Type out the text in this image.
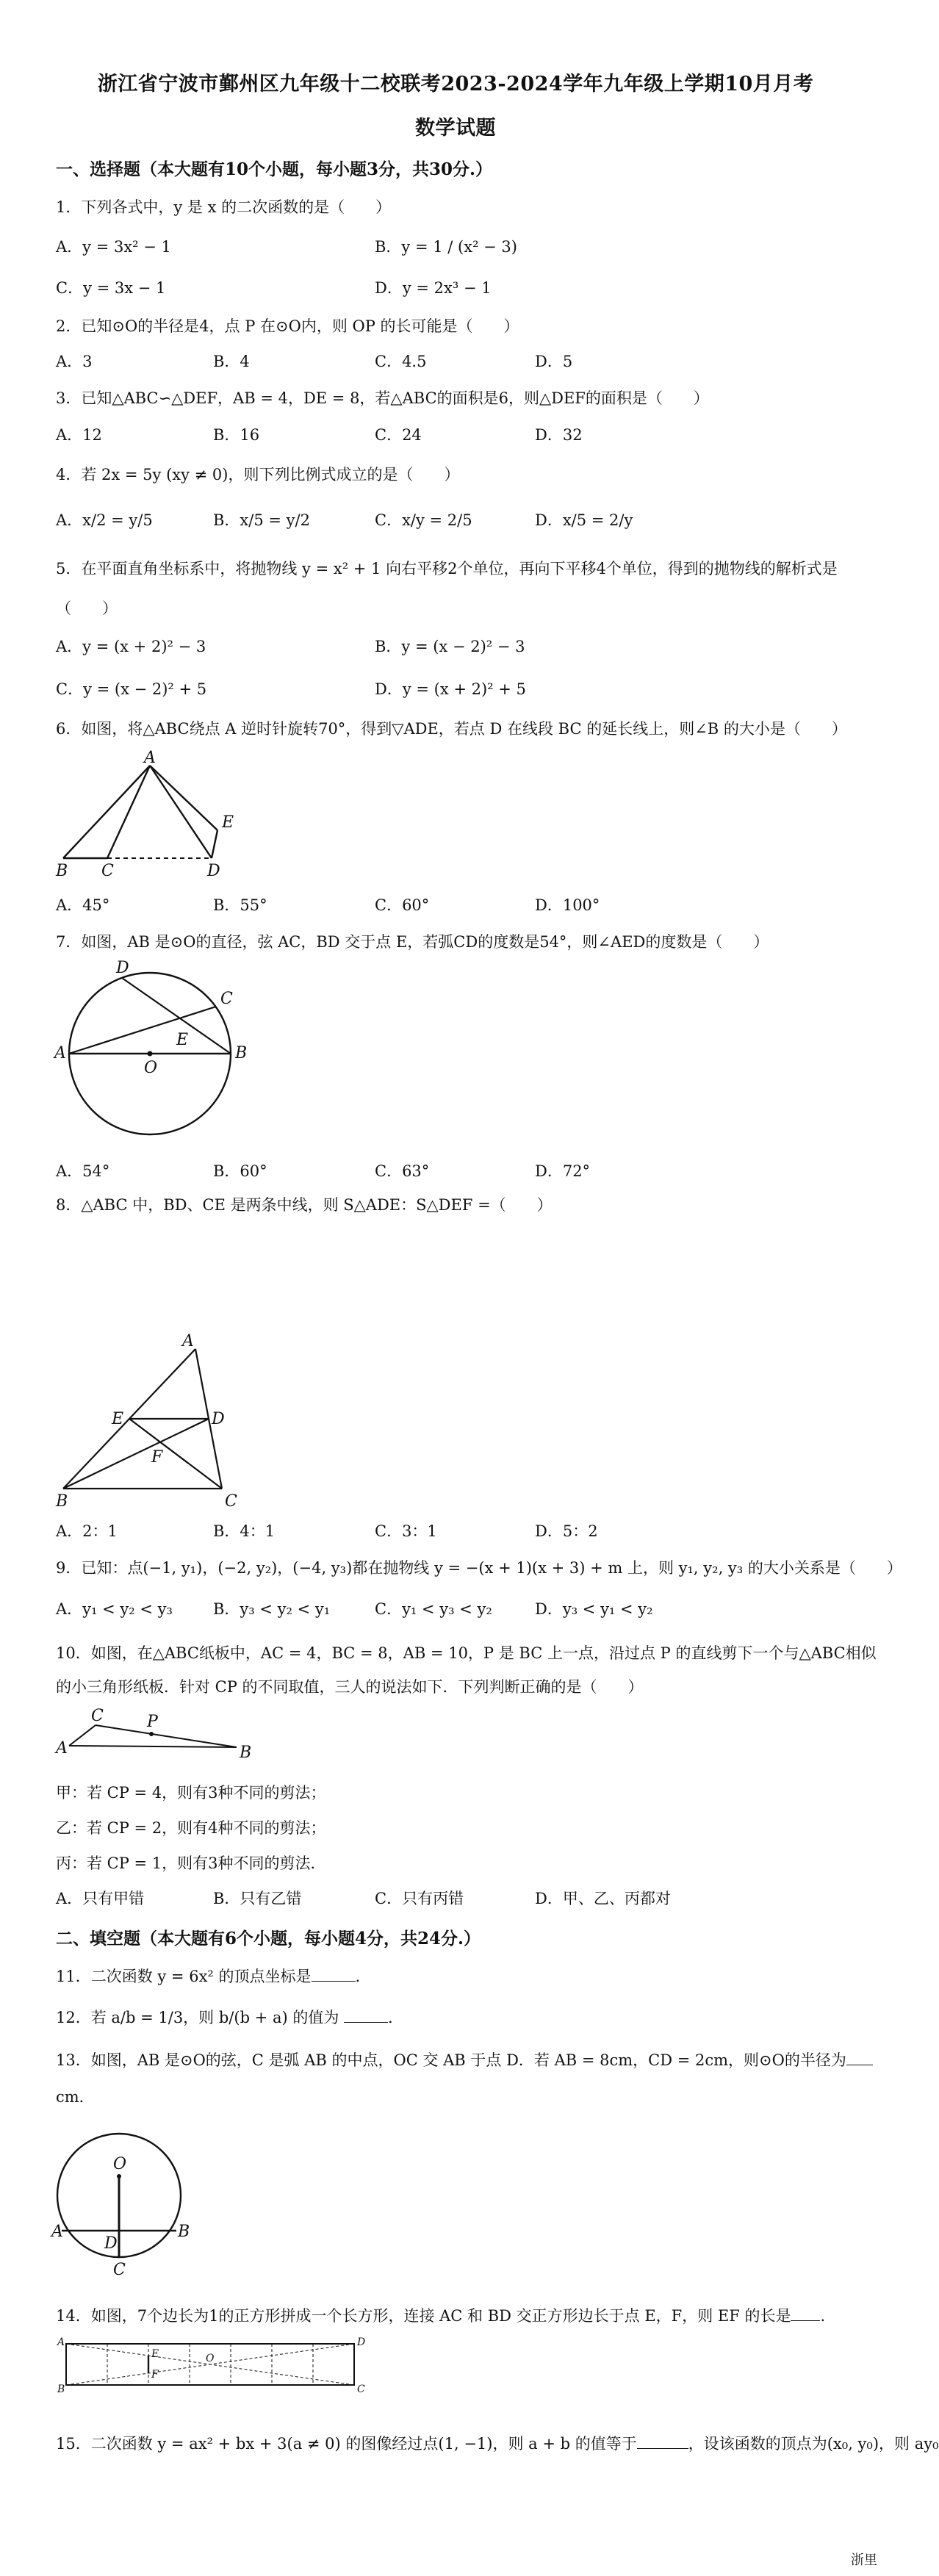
浙江省宁波市鄞州区九年级十二校联考2023-2024学年九年级上学期10月月考
数学试题
一、选择题（本大题有10个小题，每小题3分，共30分.）
1．下列各式中，y 是 x 的二次函数的是（　　）
A．y = 3x² − 1	B．y = 1 / (x² − 3)
C．y = 3x − 1	D．y = 2x³ − 1
2．已知⊙O的半径是4，点 P 在⊙O内，则 OP 的长可能是（　　）
A．3	B．4	C．4.5	D．5
3．已知△ABC∽△DEF，AB = 4，DE = 8，若△ABC的面积是6，则△DEF的面积是（　　）
A．12	B．16	C．24	D．32
4．若 2x = 5y (xy ≠ 0)，则下列比例式成立的是（　　）
A．x/2 = y/5	B．x/5 = y/2	C．x/y = 2/5	D．x/5 = 2/y
5．在平面直角坐标系中，将抛物线 y = x² + 1 向右平移2个单位，再向下平移4个单位，得到的抛物线的解析式是
（　　）
A．y = (x + 2)² − 3	B．y = (x − 2)² − 3
C．y = (x − 2)² + 5	D．y = (x + 2)² + 5
6．如图，将△ABC绕点 A 逆时针旋转70°，得到▽ADE，若点 D 在线段 BC 的延长线上，则∠B 的大小是（　　）
A
B C	D
E
A．45°	B．55°	C．60°	D．100°
7．如图，AB 是⊙O的直径，弦 AC，BD 交于点 E，若弧CD的度数是54°，则∠AED的度数是（　　）
D
C
E
A
O
B
A．54°	B．60°	C．63°	D．72°
8．△ABC 中，BD、CE 是两条中线，则 S△ADE：S△DEF =（　　）
A
E	D
F
B	C
A．2：1	B．4：1	C．3：1	D．5：2
9．已知：点(−1, y₁)，(−2, y₂)，(−4, y₃)都在抛物线 y = −(x + 1)(x + 3) + m 上，则 y₁, y₂, y₃ 的大小关系是（　　）
A．y₁ < y₂ < y₃	B．y₃ < y₂ < y₁	C．y₁ < y₃ < y₂	D．y₃ < y₁ < y₂
10．如图，在△ABC纸板中，AC = 4，BC = 8，AB = 10，P 是 BC 上一点，沿过点 P 的直线剪下一个与△ABC相似
的小三角形纸板．针对 CP 的不同取值，三人的说法如下．下列判断正确的是（　　）
C	P
A	B
甲：若 CP = 4，则有3种不同的剪法；
乙：若 CP = 2，则有4种不同的剪法；
丙：若 CP = 1，则有3种不同的剪法．
A．只有甲错	B．只有乙错	C．只有丙错	D．甲、乙、丙都对
二、填空题（本大题有6个小题，每小题4分，共24分.）
11．二次函数 y = 6x² 的顶点坐标是	.
12．若 a/b = 1/3，则 b/(b + a) 的值为	.
13．如图，AB 是⊙O的弦，C 是弧 AB 的中点，OC 交 AB 于点 D．若 AB = 8cm，CD = 2cm，则⊙O的半径为
cm．
O
A
D
B
C
14．如图，7个边长为1的正方形拼成一个长方形，连接 AC 和 BD 交正方形边长于点 E，F，则 EF 的长是 .
A
E	O
D
B
F
C
15．二次函数 y = ax² + bx + 3(a ≠ 0) 的图像经过点(1, −1)，则 a + b 的值等于	，设该函数的顶点为(x₀, y₀)，则 ay₀
浙里
